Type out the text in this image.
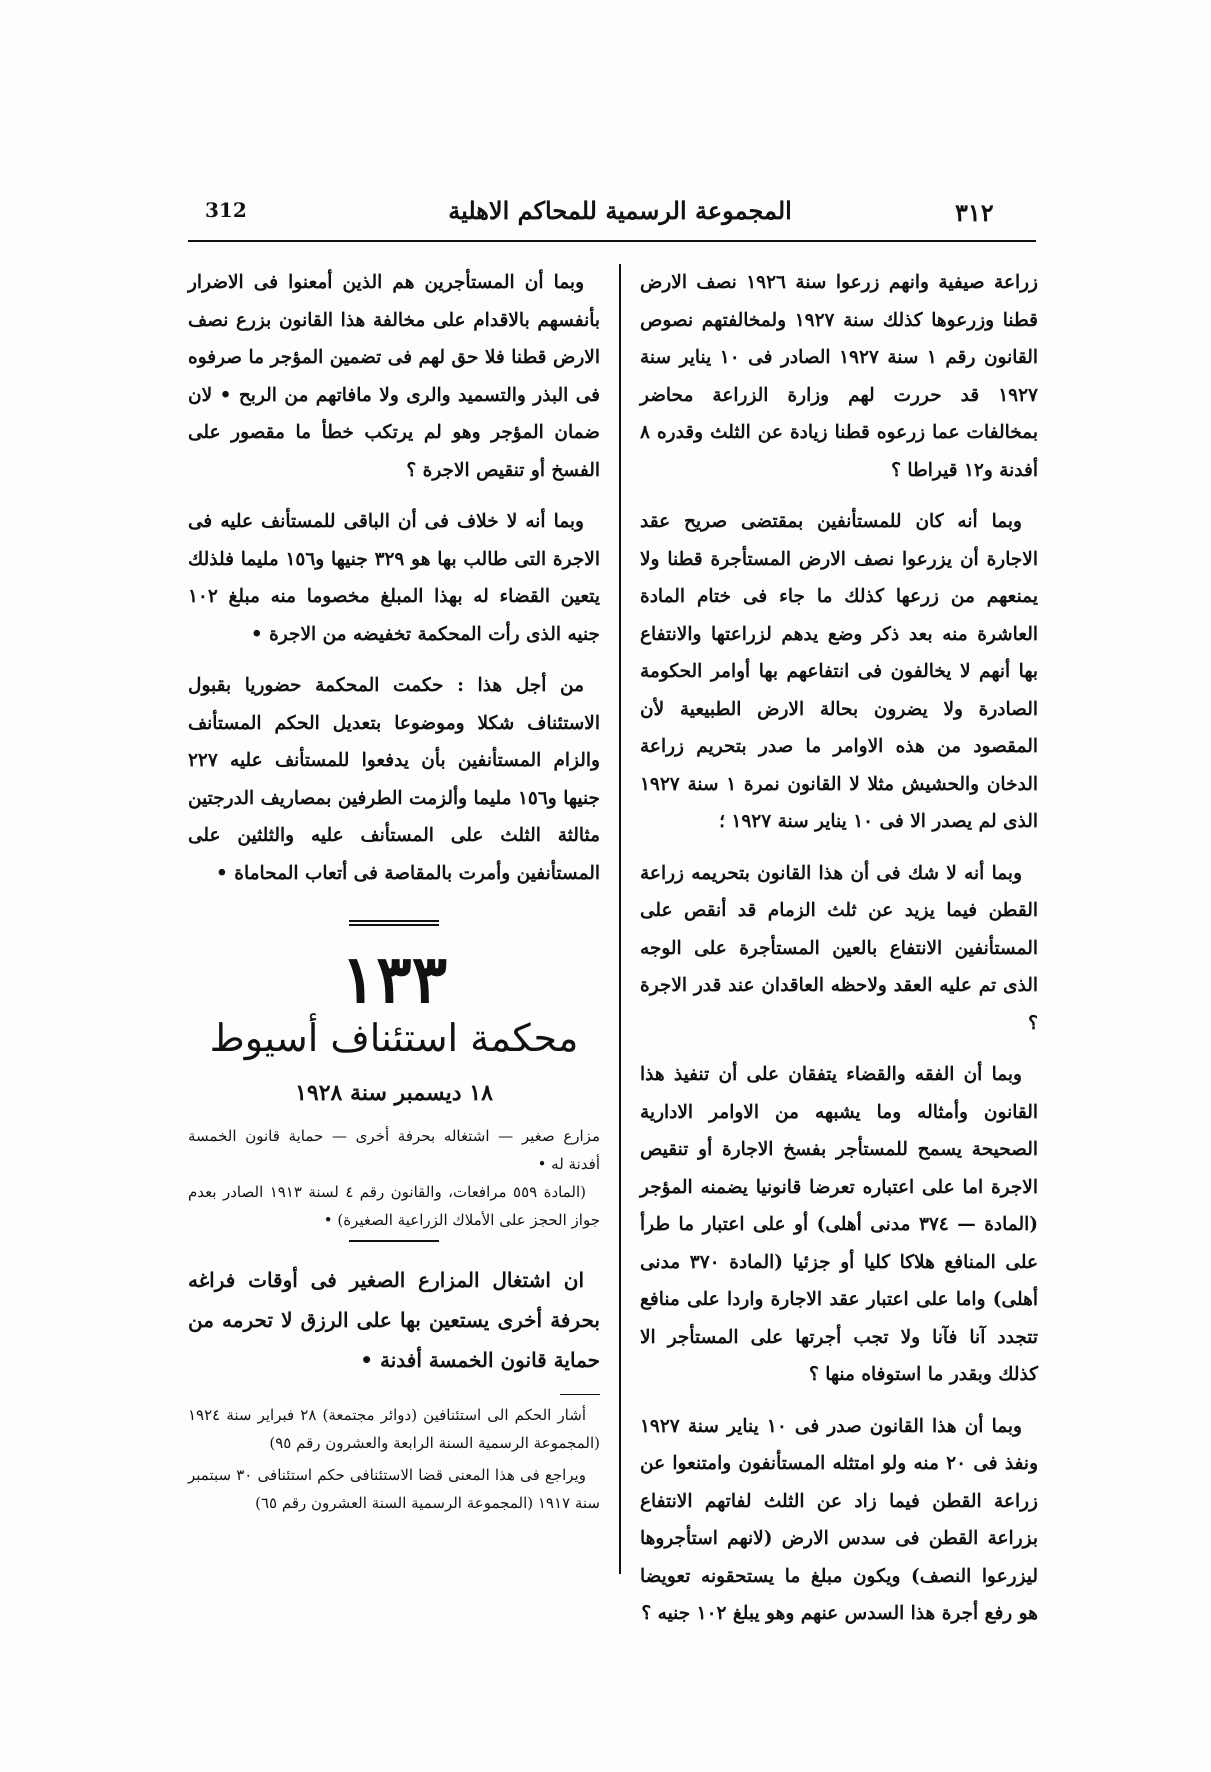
312	المجموعة الرسمية للمحاكم الاهلية	٣١٢

زراعة صيفية وانهم زرعوا سنة ١٩٢٦ نصف الارض قطنا وزرعوها كذلك سنة ١٩٢٧ ولمخالفتهم نصوص القانون رقم ١ سنة ١٩٢٧ الصادر فى ١٠ يناير سنة ١٩٢٧ قد حررت لهم وزارة الزراعة محاضر بمخالفات عما زرعوه قطنا زيادة عن الثلث وقدره ٨ أفدنة و١٢ قيراطا ؟

وبما أنه كان للمستأنفين بمقتضى صريح عقد الاجارة أن يزرعوا نصف الارض المستأجرة قطنا ولا يمنعهم من زرعها كذلك ما جاء فى ختام المادة العاشرة منه بعد ذكر وضع يدهم لزراعتها والانتفاع بها أنهم لا يخالفون فى انتفاعهم بها أوامر الحكومة الصادرة ولا يضرون بحالة الارض الطبيعية لأن المقصود من هذه الاوامر ما صدر بتحريم زراعة الدخان والحشيش مثلا لا القانون نمرة ١ سنة ١٩٢٧ الذى لم يصدر الا فى ١٠ يناير سنة ١٩٢٧ ؛

وبما أنه لا شك فى أن هذا القانون بتحريمه زراعة القطن فيما يزيد عن ثلث الزمام قد أنقص على المستأنفين الانتفاع بالعين المستأجرة على الوجه الذى تم عليه العقد ولاحظه العاقدان عند قدر الاجرة ؟

وبما أن الفقه والقضاء يتفقان على أن تنفيذ هذا القانون وأمثاله وما يشبهه من الاوامر الادارية الصحيحة يسمح للمستأجر بفسخ الاجارة أو تنقيص الاجرة اما على اعتباره تعرضا قانونيا يضمنه المؤجر (المادة — ٣٧٤ مدنى أهلى) أو على اعتبار ما طرأ على المنافع هلاكا كليا أو جزئيا (المادة ٣٧٠ مدنى أهلى) واما على اعتبار عقد الاجارة واردا على منافع تتجدد آنا فآنا ولا تجب أجرتها على المستأجر الا كذلك وبقدر ما استوفاه منها ؟

وبما أن هذا القانون صدر فى ١٠ يناير سنة ١٩٢٧ ونفذ فى ٢٠ منه ولو امتثله المستأنفون وامتنعوا عن زراعة القطن فيما زاد عن الثلث لفاتهم الانتفاع بزراعة القطن فى سدس الارض (لانهم استأجروها ليزرعوا النصف) ويكون مبلغ ما يستحقونه تعويضا هو رفع أجرة هذا السدس عنهم وهو يبلغ ١٠٢ جنيه ؟

وبما أن المستأجرين هم الذين أمعنوا فى الاضرار بأنفسهم بالاقدام على مخالفة هذا القانون بزرع نصف الارض قطنا فلا حق لهم فى تضمين المؤجر ما صرفوه فى البذر والتسميد والرى ولا مافاتهم من الربح • لان ضمان المؤجر وهو لم يرتكب خطأ ما مقصور على الفسخ أو تنقيص الاجرة ؟

وبما أنه لا خلاف فى أن الباقى للمستأنف عليه فى الاجرة التى طالب بها هو ٣٢٩ جنيها و١٥٦ مليما فلذلك يتعين القضاء له بهذا المبلغ مخصوما منه مبلغ ١٠٢ جنيه الذى رأت المحكمة تخفيضه من الاجرة •

من أجل هذا : حكمت المحكمة حضوريا بقبول الاستئناف شكلا وموضوعا بتعديل الحكم المستأنف والزام المستأنفين بأن يدفعوا للمستأنف عليه ٢٢٧ جنيها و١٥٦ مليما وألزمت الطرفين بمصاريف الدرجتين مثالثة الثلث على المستأنف عليه والثلثين على المستأنفين وأمرت بالمقاصة فى أتعاب المحاماة •

١٣٣
محكمة استئناف أسيوط
١٨ ديسمبر سنة ١٩٢٨
مزارع صغير — اشتغاله بحرفة أخرى — حماية قانون الخمسة أفدنة له •
(المادة ٥٥٩ مرافعات، والقانون رقم ٤ لسنة ١٩١٣ الصادر بعدم جواز الحجز على الأملاك الزراعية الصغيرة) •
ان اشتغال المزارع الصغير فى أوقات فراغه بحرفة أخرى يستعين بها على الرزق لا تحرمه من حماية قانون الخمسة أفدنة •

أشار الحكم الى استئنافين (دوائر مجتمعة) ٢٨ فبراير سنة ١٩٢٤ (المجموعة الرسمية السنة الرابعة والعشرون رقم ٩٥)

ويراجع فى هذا المعنى قضا الاستئنافى حكم استئنافى ٣٠ سبتمبر سنة ١٩١٧ (المجموعة الرسمية السنة العشرون رقم ٦٥)
